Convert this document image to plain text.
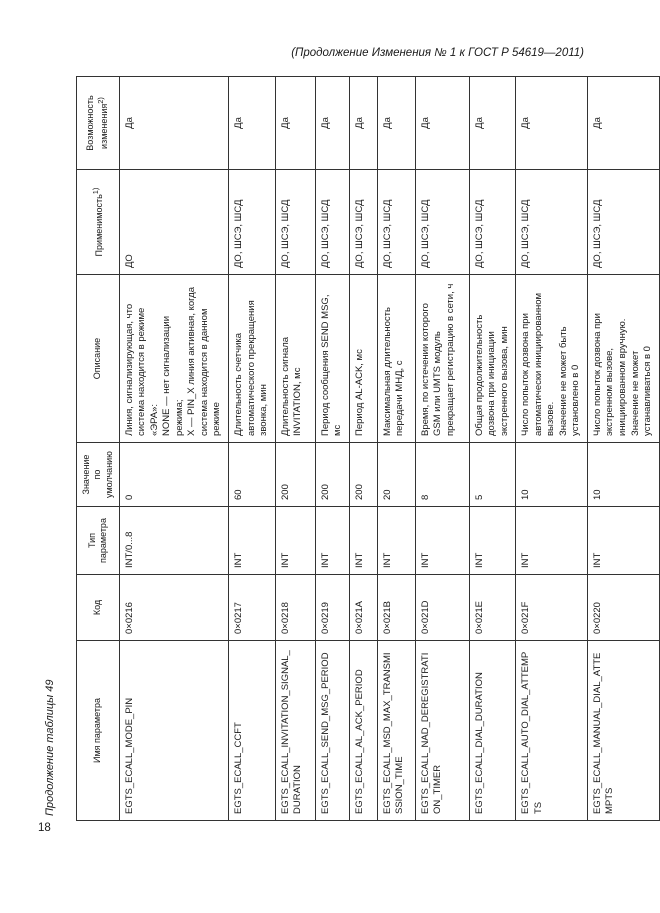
(Продолжение Изменения № 1 к ГОСТ Р 54619—2011)
18
Продолжение таблицы 49	Имя параметра	Код	Тип параметра	Значение по умолчанию	Описание	Применимость$^{1)}$	Возможность изменения$^{2)}$
EGTS_ECALL_MODE_PIN	0×0216	INT/0...8	0	Линия, сигнализирующая, что система находится в режиме «ЭРА»: NONE — нет сигнализации режима; X — PIN_X линия активная, когда система находится в данном режиме	ДО	Да
EGTS_ECALL_CCFT	0×0217	INT	60	Длительность счетчика автоматического прекращения звонка, мин	ДО, ШСЭ, ШСД	Да
EGTS_ECALL_INVITATION_SIGNAL_DURATION	0×0218	INT	200	Длительность сигнала INVITATION, мс	ДО, ШСЭ, ШСД	Да
EGTS_ECALL_SEND_MSG_PERIOD	0×0219	INT	200	Период сообщения SEND MSG, мс	ДО, ШСЭ, ШСД	Да
EGTS_ECALL_AL_ACK_PERIOD	0×021A	INT	200	Период AL-ACK, мс	ДО, ШСЭ, ШСД	Да
EGTS_ECALL_MSD_MAX_TRANSMISSION_TIME	0×021B	INT	20	Максимальная длительность передачи МНД, с	ДО, ШСЭ, ШСД	Да
EGTS_ECALL_NAD_DEREGISTRATION_TIMER	0×021D	INT	8	Время, по истечении которого GSM или UMTS модуль прекращает регистрацию в сети, ч	ДО, ШСЭ, ШСД	Да
EGTS_ECALL_DIAL_DURATION	0×021E	INT	5	Общая продолжительность дозвона при инициации экстренного вызова, мин	ДО, ШСЭ, ШСД	Да
EGTS_ECALL_AUTO_DIAL_ATTEMPTS	0×021F	INT	10	Число попыток дозвона при автоматически инициированном вызове. Значение не может быть установлено в 0	ДО, ШСЭ, ШСД	Да
EGTS_ECALL_MANUAL_DIAL_ATTEMPTS	0×0220	INT	10	Число попыток дозвона при экстренном вызове, инициированном вручную. Значение не может устанавливаться в 0	ДО, ШСЭ, ШСД	Да
